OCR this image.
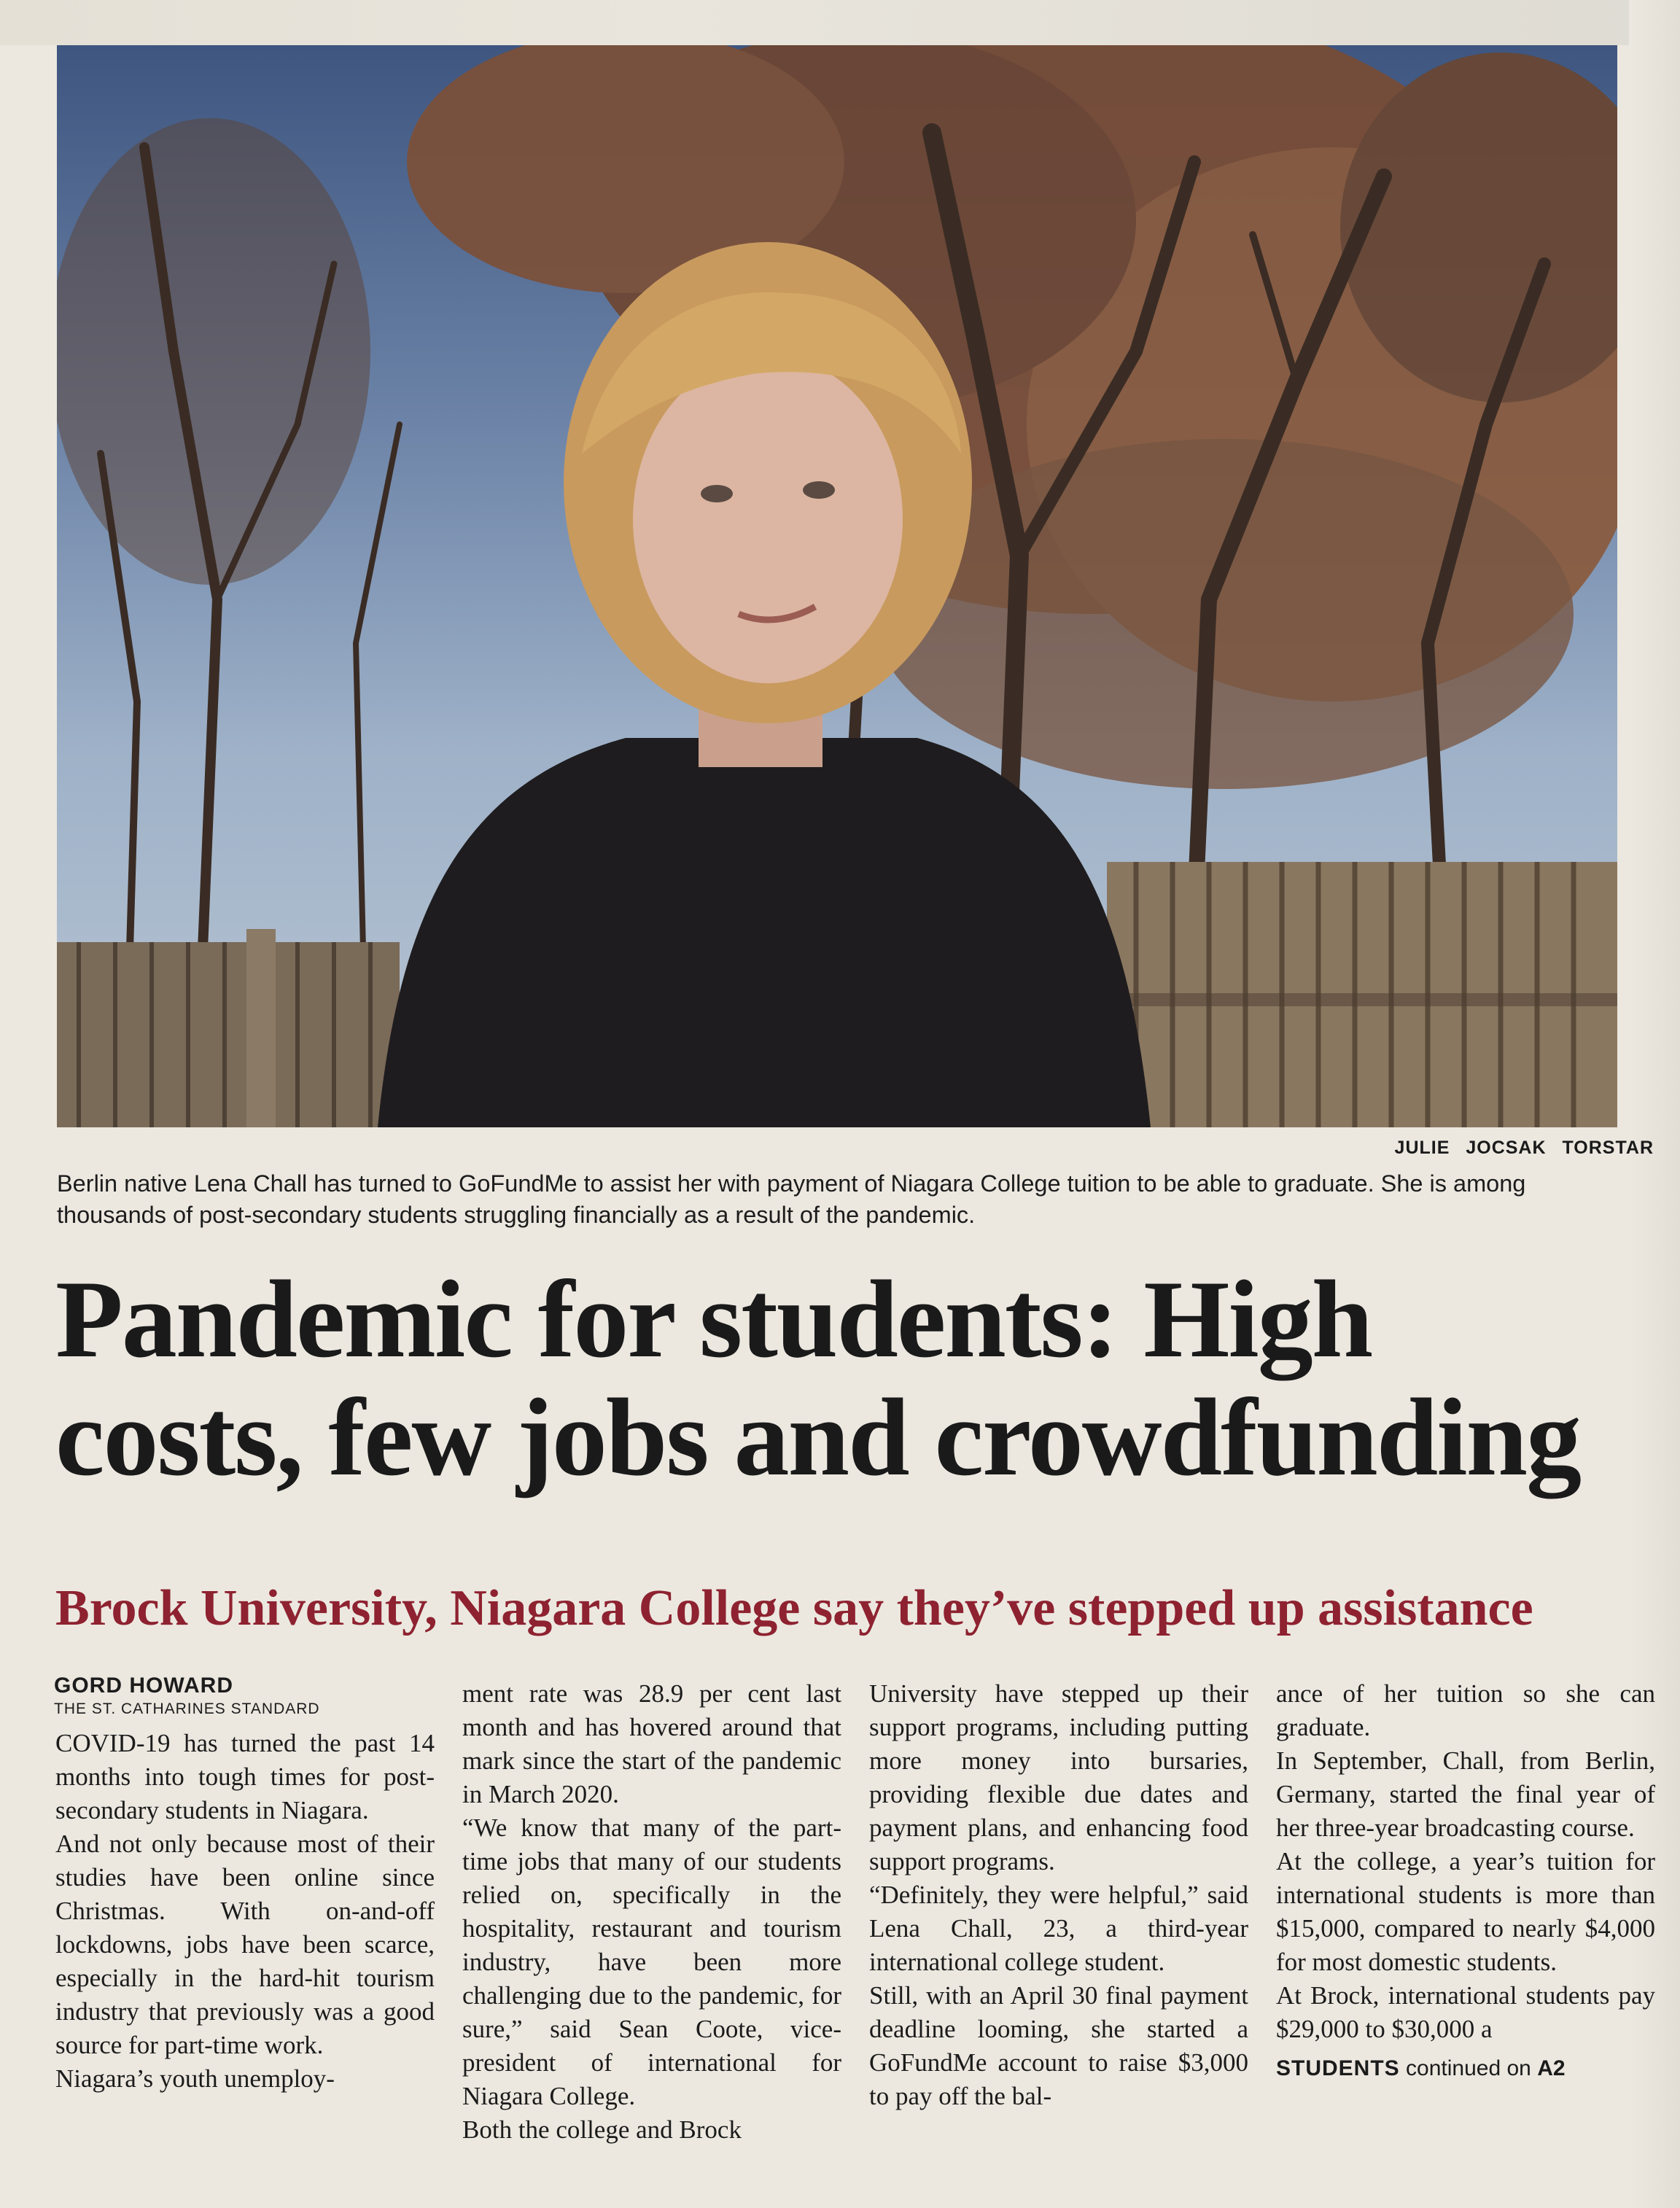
JULIE JOCSAK TORSTAR

Berlin native Lena Chall has turned to GoFundMe to assist her with payment of Niagara College tuition to be able to graduate. She is among thousands of post-secondary students struggling financially as a result of the pandemic.

Pandemic for students: High
costs, few jobs and crowdfunding
Brock University, Niagara College say they’ve stepped up assistance
GORD HOWARD
THE ST. CATHARINES STANDARD

COVID-19 has turned the past 14 months into tough times for post-secondary students in Niagara.

And not only because most of their studies have been online since Christmas. With on-and-off lockdowns, jobs have been scarce, especially in the hard-hit tourism industry that previously was a good source for part-time work.

Niagara’s youth unemploy-

ment rate was 28.9 per cent last month and has hovered around that mark since the start of the pandemic in March 2020.

“We know that many of the part-time jobs that many of our students relied on, specifically in the hospitality, restaurant and tourism industry, have been more challenging due to the pandemic, for sure,” said Sean Coote, vice-president of international for Niagara College.

Both the college and Brock

University have stepped up their support programs, including putting more money into bursaries, providing flexible due dates and payment plans, and enhancing food support programs.

“Definitely, they were helpful,” said Lena Chall, 23, a third-year international college student.

Still, with an April 30 final payment deadline looming, she started a GoFundMe account to raise $3,000 to pay off the bal-

ance of her tuition so she can graduate.

In September, Chall, from Berlin, Germany, started the final year of her three-year broadcasting course.

At the college, a year’s tuition for international students is more than $15,000, compared to nearly $4,000 for most domestic students.

At Brock, international students pay $29,000 to $30,000 a

STUDENTS continued on A2
